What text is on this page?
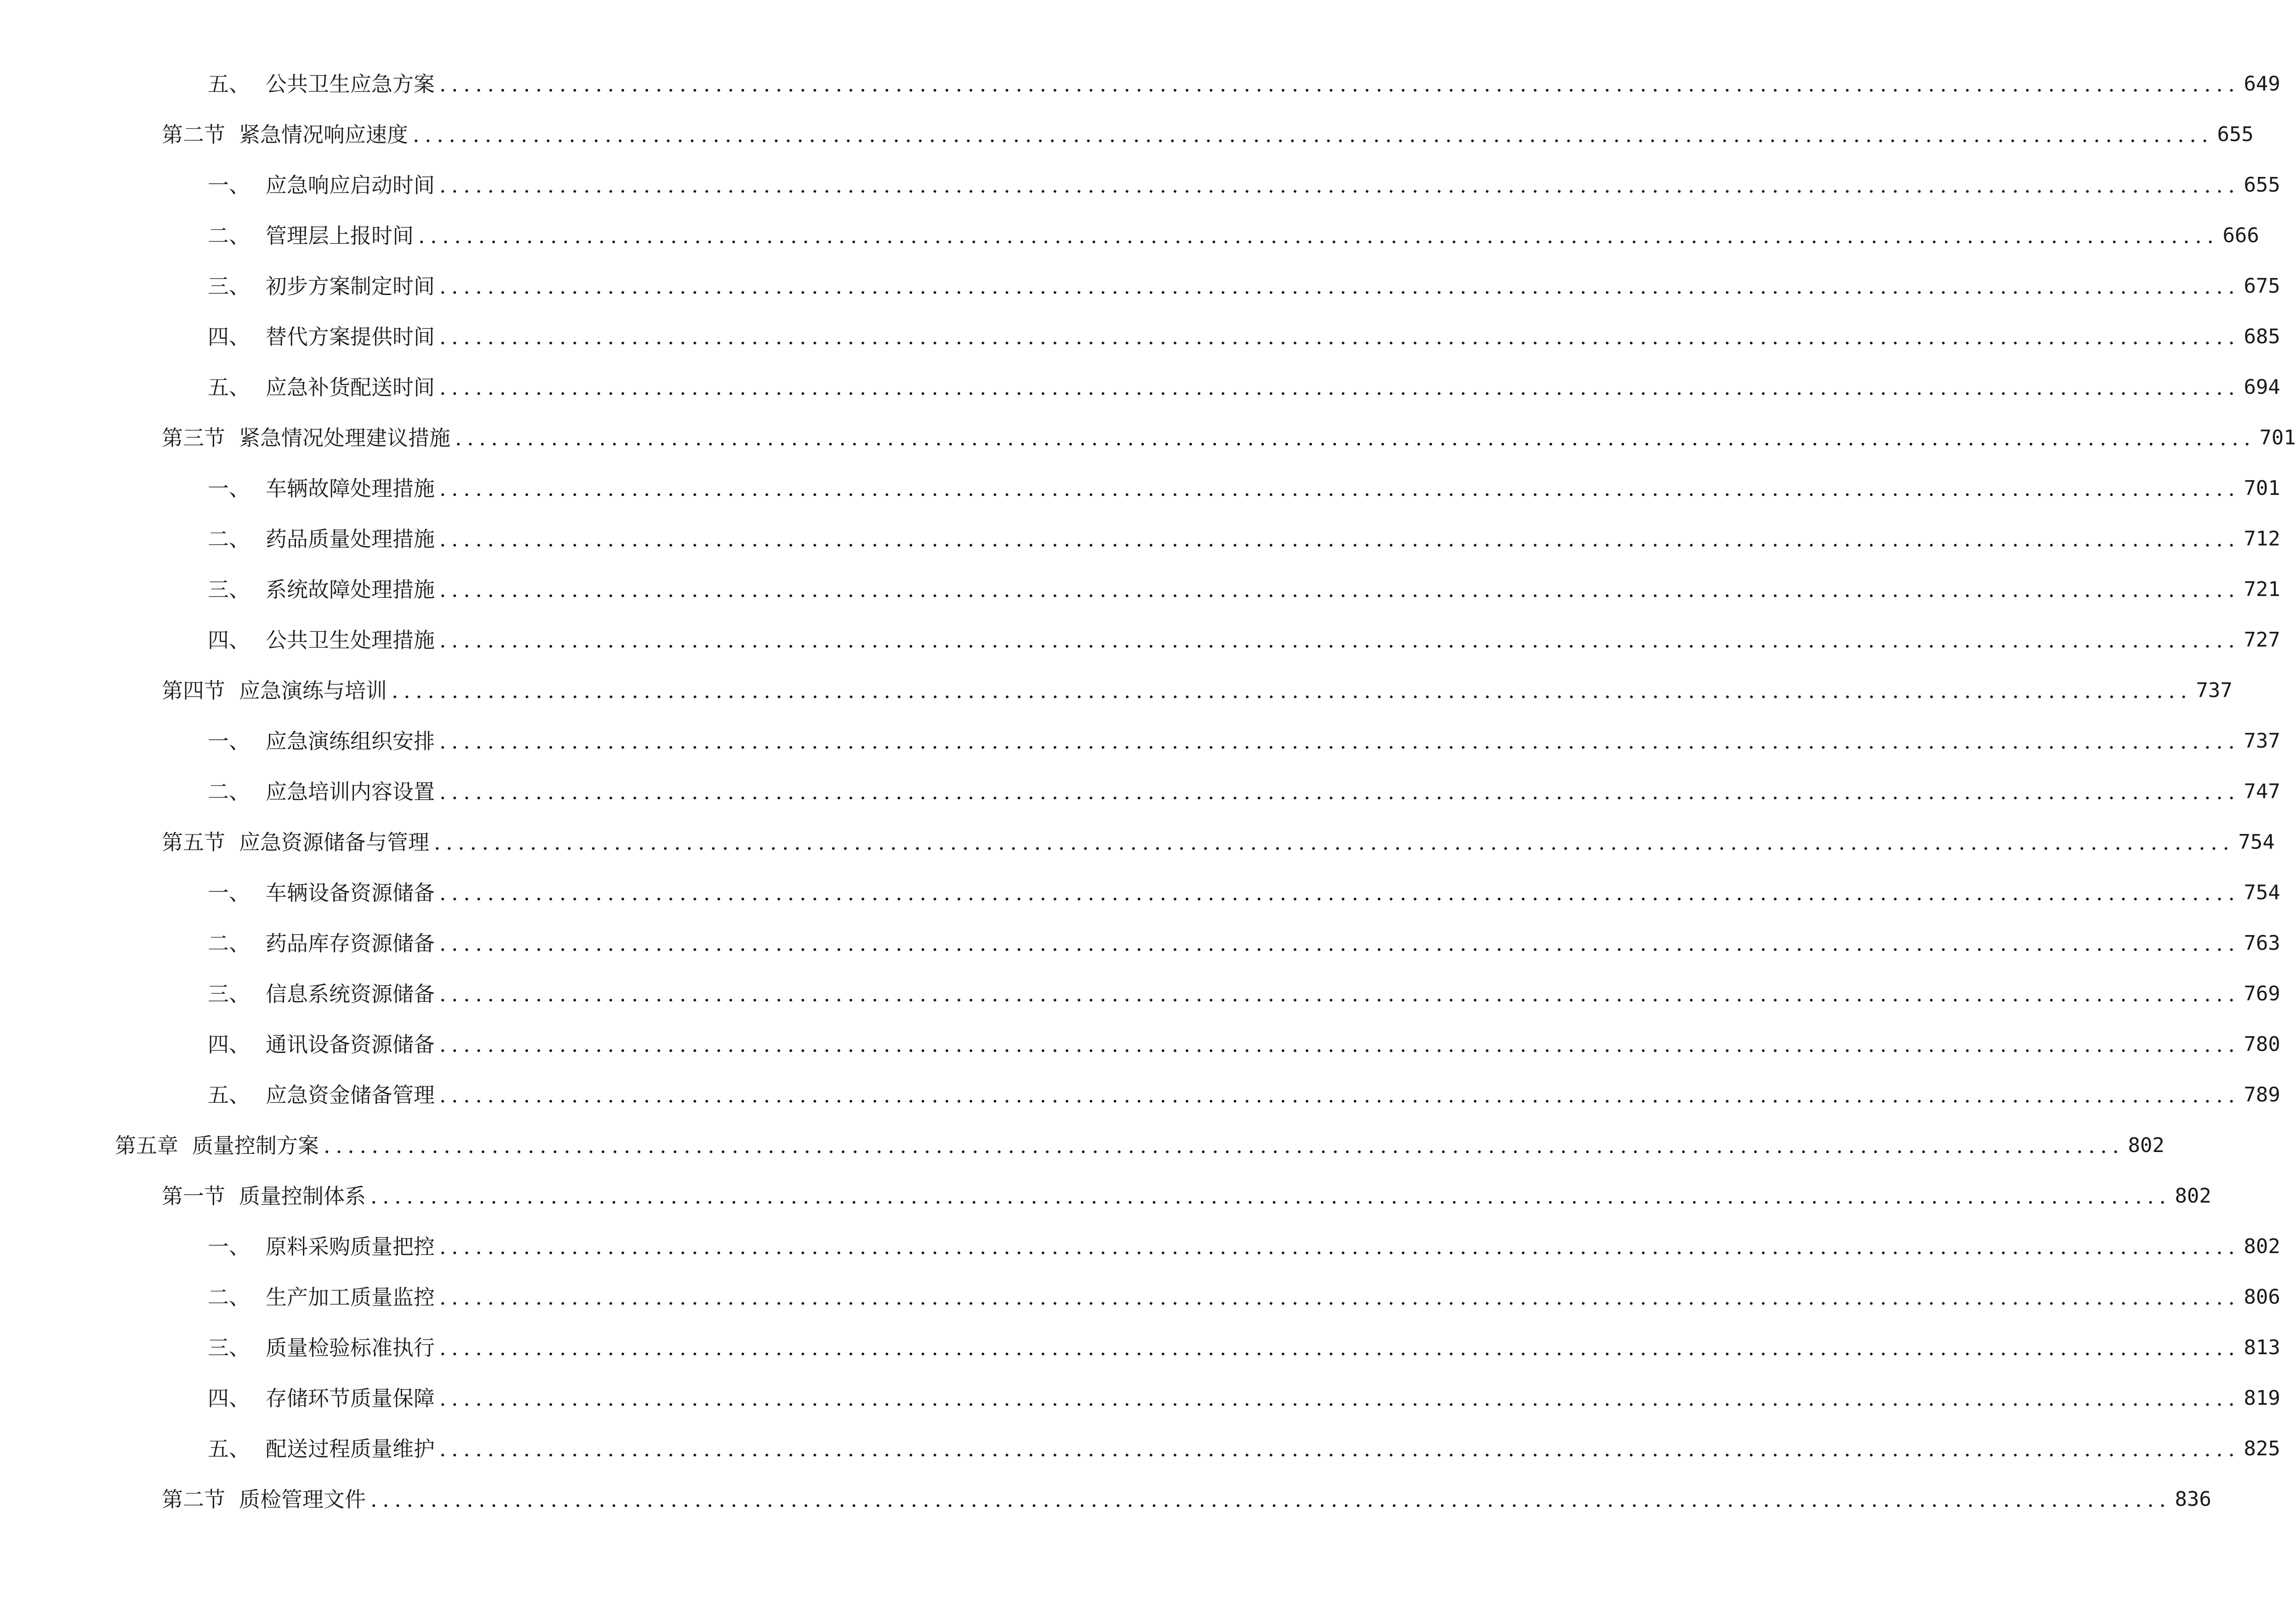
五、 公共卫生应急方案 ...................................................................................................................................................... 649
第二节 紧急情况响应速度 ...................................................................................................................................................... 655
一、 应急响应启动时间 ...................................................................................................................................................... 655
二、 管理层上报时间 ...................................................................................................................................................... 666
三、 初步方案制定时间 ...................................................................................................................................................... 675
四、 替代方案提供时间 ...................................................................................................................................................... 685
五、 应急补货配送时间 ...................................................................................................................................................... 694
第三节 紧急情况处理建议措施 ...................................................................................................................................................... 701
一、 车辆故障处理措施 ...................................................................................................................................................... 701
二、 药品质量处理措施 ...................................................................................................................................................... 712
三、 系统故障处理措施 ...................................................................................................................................................... 721
四、 公共卫生处理措施 ...................................................................................................................................................... 727
第四节 应急演练与培训 ...................................................................................................................................................... 737
一、 应急演练组织安排 ...................................................................................................................................................... 737
二、 应急培训内容设置 ...................................................................................................................................................... 747
第五节 应急资源储备与管理 ...................................................................................................................................................... 754
一、 车辆设备资源储备 ...................................................................................................................................................... 754
二、 药品库存资源储备 ...................................................................................................................................................... 763
三、 信息系统资源储备 ...................................................................................................................................................... 769
四、 通讯设备资源储备 ...................................................................................................................................................... 780
五、 应急资金储备管理 ...................................................................................................................................................... 789
第五章 质量控制方案 ...................................................................................................................................................... 802
第一节 质量控制体系 ...................................................................................................................................................... 802
一、 原料采购质量把控 ...................................................................................................................................................... 802
二、 生产加工质量监控 ...................................................................................................................................................... 806
三、 质量检验标准执行 ...................................................................................................................................................... 813
四、 存储环节质量保障 ...................................................................................................................................................... 819
五、 配送过程质量维护 ...................................................................................................................................................... 825
第二节 质检管理文件 ...................................................................................................................................................... 836
